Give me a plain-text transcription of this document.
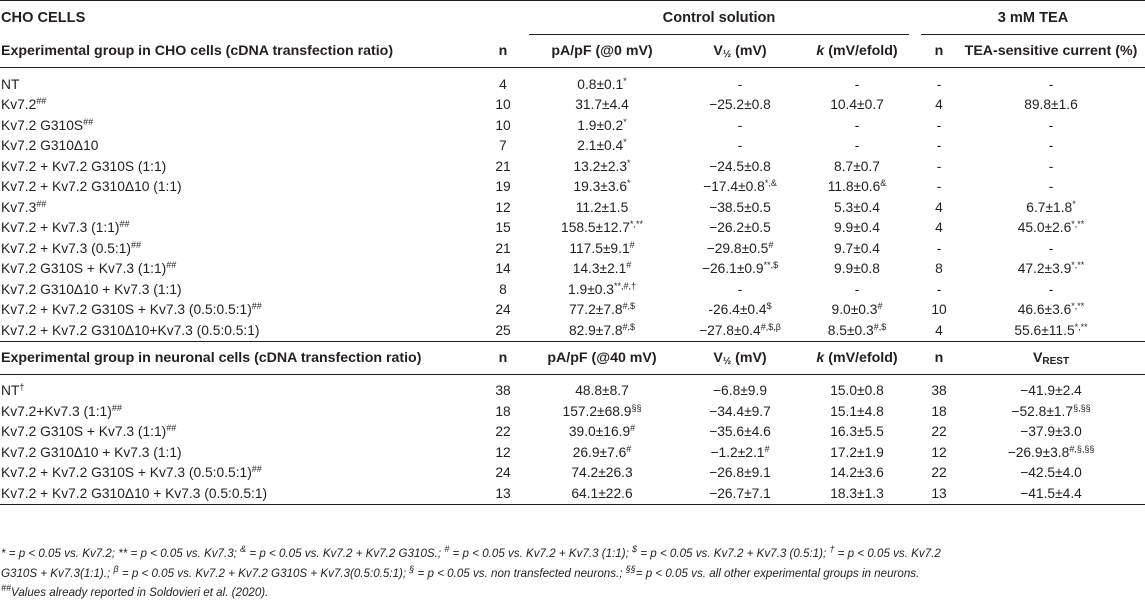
CHO CELLS		Control solution				3 mM TEA	
Experimental group in CHO cells (cDNA transfection ratio)	n	pA/pF (@0 mV)	$V_{\frac{1}{2}}$ (mV)	k (mV/efold)		n	TEA-sensitive current (%)

NT	4	0.8±0.1*	-	-		-	-
Kv7.2##	10	31.7±4.4	−25.2±0.8	10.4±0.7		4	89.8±1.6
Kv7.2 G310S##	10	1.9±0.2*	-	-		-	-
Kv7.2 G310Δ10	7	2.1±0.4*	-	-		-	-
Kv7.2 + Kv7.2 G310S (1:1)	21	13.2±2.3*	−24.5±0.8	8.7±0.7		-	-
Kv7.2 + Kv7.2 G310Δ10 (1:1)	19	19.3±3.6*	−17.4±0.8*,&	11.8±0.6&		-	-
Kv7.3##	12	11.2±1.5	−38.5±0.5	5.3±0.4		4	6.7±1.8*
Kv7.2 + Kv7.3 (1:1)##	15	158.5±12.7*,**	−26.2±0.5	9.9±0.4		4	45.0±2.6*,**
Kv7.2 + Kv7.3 (0.5:1)##	21	117.5±9.1#	−29.8±0.5#	9.7±0.4		-	-
Kv7.2 G310S + Kv7.3 (1:1)##	14	14.3±2.1#	−26.1±0.9**,$	9.9±0.8		8	47.2±3.9*,**
Kv7.2 G310Δ10 + Kv7.3 (1:1)	8	1.9±0.3**,#,†	-	-		-	-
Kv7.2 + Kv7.2 G310S + Kv7.3 (0.5:0.5:1)##	24	77.2±7.8#,$	-26.4±0.4$	9.0±0.3#		10	46.6±3.6*,**
Kv7.2 + Kv7.2 G310Δ10+Kv7.3 (0.5:0.5:1)	25	82.9±7.8#,$	$-27.8\pm 0.4^{\#,\$,\beta}$	8.5±0.3#,$		4	55.6±11.5*,**
Experimental group in neuronal cells (cDNA transfection ratio)	n	pA/pF (@40 mV)	$V_{\frac{1}{2}}$ (mV)	k (mV/efold)		n	$V_{REST}$

NT†	38	48.8±8.7	−6.8±9.9	15.0±0.8		38	−41.9±2.4
Kv7.2+Kv7.3 (1:1)##	18	157.2±68.9§§	−34.4±9.7	15.1±4.8		18	−52.8±1.7§,§§
Kv7.2 G310S + Kv7.3 (1:1)##	22	39.0±16.9#	−35.6±4.6	16.3±5.5		22	−37.9±3.0
Kv7.2 G310Δ10 + Kv7.3 (1:1)	12	26.9±7.6#	−1.2±2.1#	17.2±1.9		12	−26.9±3.8#,§,§§
Kv7.2 + Kv7.2 G310S + Kv7.3 (0.5:0.5:1)##	24	74.2±26.3	−26.8±9.1	14.2±3.6		22	−42.5±4.0
Kv7.2 + Kv7.2 G310Δ10 + Kv7.3 (0.5:0.5:1)	13	64.1±22.6	−26.7±7.1	18.3±1.3		13	−41.5±4.4

* = p < 0.05 vs. Kv7.2; ** = p < 0.05 vs. Kv7.3; & = p < 0.05 vs. Kv7.2 + Kv7.2 G310S.; # = p < 0.05 vs. Kv7.2 + Kv7.3 (1:1); $ = p < 0.05 vs. Kv7.2 + Kv7.3 (0.5:1); † = p < 0.05 vs. Kv7.2

G310S + Kv7.3(1:1).; $^\beta$ = p < 0.05 vs. Kv7.2 + Kv7.2 G310S + Kv7.3(0.5:0.5:1); § = p < 0.05 vs. non transfected neurons.; §§= p < 0.05 vs. all other experimental groups in neurons.

##Values already reported in Soldovieri et al. (2020).
